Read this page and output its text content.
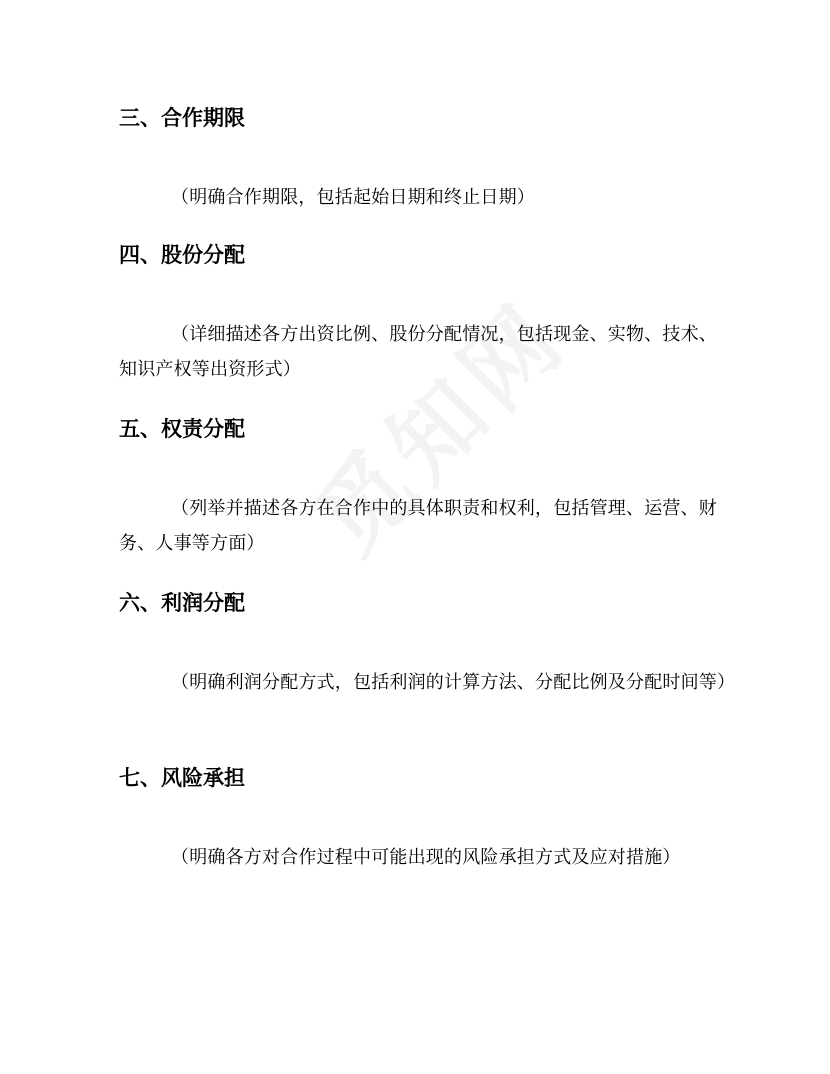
三、合作期限

（明确合作期限，包括起始日期和终止日期）

四、股份分配

（详细描述各方出资比例、股份分配情况，包括现金、实物、技术、知识产权等出资形式）

五、权责分配

（列举并描述各方在合作中的具体职责和权利，包括管理、运营、财务、人事等方面）

六、利润分配

（明确利润分配方式，包括利润的计算方法、分配比例及分配时间等）

七、风险承担

（明确各方对合作过程中可能出现的风险承担方式及应对措施）
